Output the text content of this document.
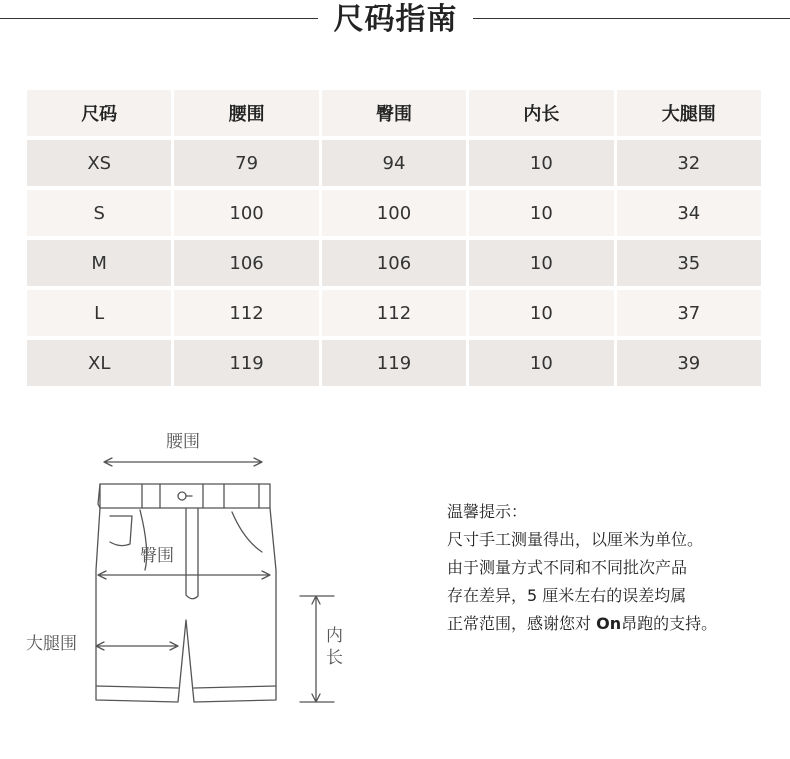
尺码指南
尺码	腰围	臀围	内长	大腿围
XS	79	94	10	32
S	100	100	10	34
M	106	106	10	35
L	112	112	10	37
XL	119	119	10	39
腰围
臀围
大腿围	内
长

温馨提示：

尺寸手工测量得出，以厘米为单位。

由于测量方式不同和不同批次产品

存在差异，5 厘米左右的误差均属

正常范围，感谢您对 On昂跑的支持。
